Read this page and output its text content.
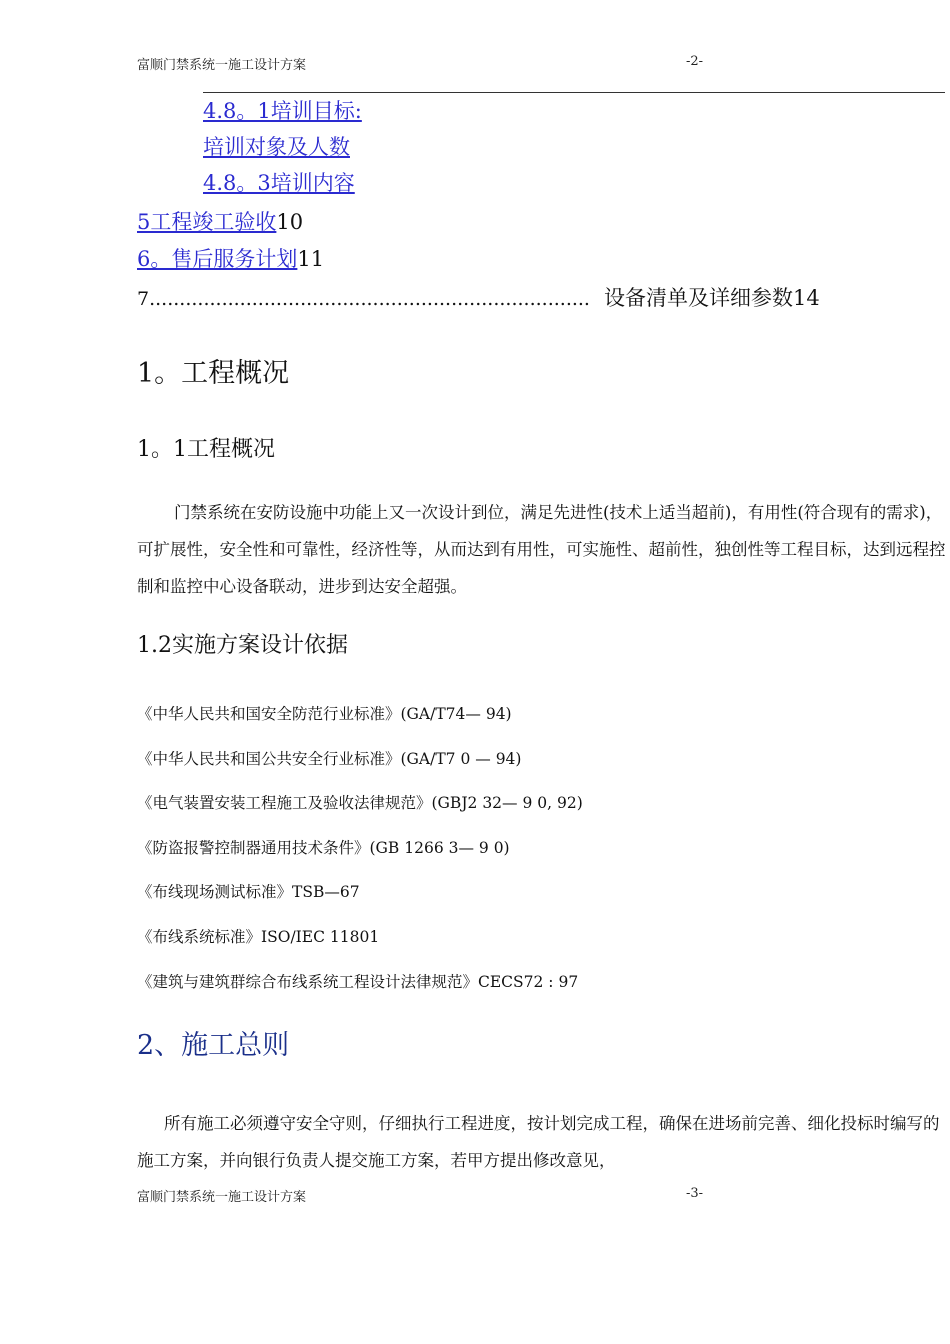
富顺门禁系统一施工设计方案	-2-
4.8。1培训目标:
培训对象及人数
4.8。3培训内容
5工程竣工验收10
6。售后服务计划11
7......................................................................... 设备清单及详细参数14
1。工程概况
1。1工程概况
门禁系统在安防设施中功能上又一次设计到位，满足先进性(技术上适当超前)，有用性(符合现有的需求)，可扩展性，安全性和可靠性，经济性等，从而达到有用性，可实施性、超前性，独创性等工程目标，达到远程控制和监控中心设备联动，进步到达安全超强。
1.2实施方案设计依据
《中华人民共和国安全防范行业标准》(GA/T74— 94)
《中华人民共和国公共安全行业标准》(GA/T7 0 — 94)
《电气装置安装工程施工及验收法律规范》(GBJ2 32— 9 0, 92)
《防盗报警控制器通用技术条件》(GB 1266 3— 9 0)
《布线现场测试标准》TSB—67
《布线系统标准》ISO/IEC 11801
《建筑与建筑群综合布线系统工程设计法律规范》CECS72 : 97
2、施工总则
所有施工必须遵守安全守则，仔细执行工程进度，按计划完成工程，确保在进场前完善、细化投标时编写的施工方案，并向银行负责人提交施工方案，若甲方提出修改意见，
富顺门禁系统一施工设计方案	-3-
